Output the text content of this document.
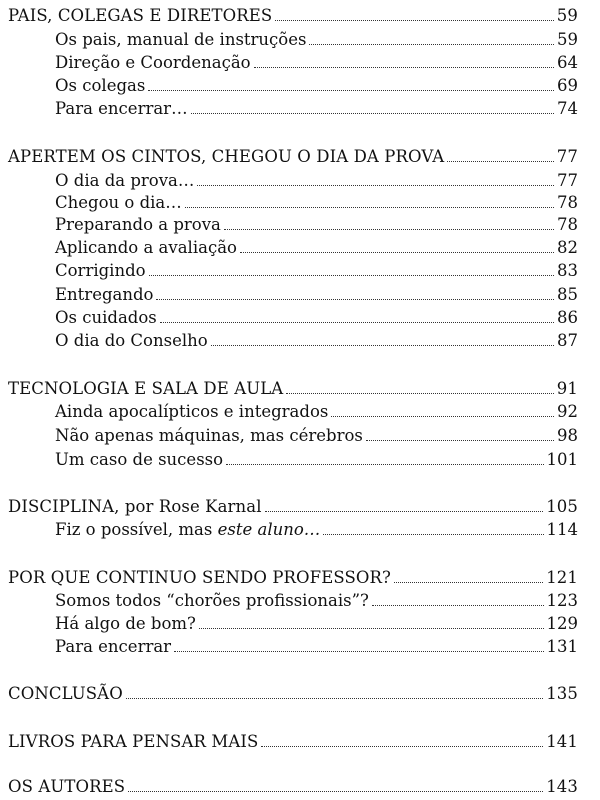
PAIS, COLEGAS E DIRETORES	59
Os pais, manual de instruções	59
Direção e Coordenação	64
Os colegas	69
Para encerrar…	74
APERTEM OS CINTOS, CHEGOU O DIA DA PROVA	77
O dia da prova…	77
Chegou o dia…	78
Preparando a prova	78
Aplicando a avaliação	82
Corrigindo	83
Entregando	85
Os cuidados	86
O dia do Conselho	87
TECNOLOGIA E SALA DE AULA	91
Ainda apocalípticos e integrados	92
Não apenas máquinas, mas cérebros	98
Um caso de sucesso	101
DISCIPLINA, por Rose Karnal	105
Fiz o possível, mas este aluno…	114
POR QUE CONTINUO SENDO PROFESSOR?	121
Somos todos “chorões profissionais”?	123
Há algo de bom?	129
Para encerrar	131
CONCLUSÃO	135
LIVROS PARA PENSAR MAIS	141
OS AUTORES	143
